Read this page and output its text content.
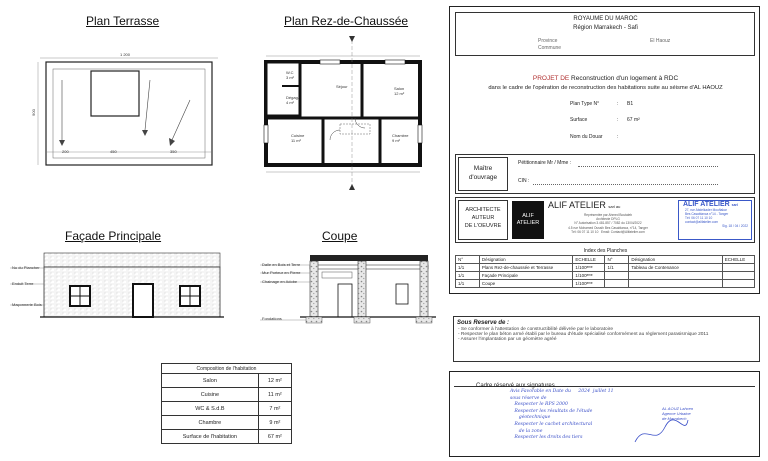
Plan Terrasse
1 200
900
200	450	350
Plan Rez-de-Chaussée
W.C
3 m²
Dégag.
4 m²
Séjour	Salon
12 m²
Cuisine
11 m²
Chambre
9 m²
Façade Principale
Nu du Plancher
Enduit Terre
Maçonnerie Bois
Coupe
Dalle en Bois et Terre
Mur Porteur en Pierre
Chainage en Adobe
Fondations
Composition de l'habitation	
Salon	12 m²
Cuisine	11 m²
WC & S.d.B	7 m²
Chambre	9 m²
Surface de l'habitation	67 m²
ROYAUME DU MAROC
Région Marrakech - Safi
Province	El Haouz
Commune
PROJET DE Reconstruction d'un logement à RDC
dans le cadre de l'opération de reconstruction des habitations suite au séisme d'AL HAOUZ
Plan Type N°	: B1
Surface	: 67 m²
Nom du Douar	:
Maître
d'ouvrage
Pétitionnaire Mr / Mme :
CIN :
ARCHITECTE
AUTEUR
DE L'OEUVRE
ALIF
ATELIER
ALIF ATELIER sarl au
Représentée par Ahmed Boutaleb
Architecte DPLG
N° Autorisation 3.481.857 / 7082 du 13/04/2022
4.5 rue Mohamed Oussih Bes Casablanca, n°14, Tanger
Tél: 06 07 11 10 10   Email: Contact@Alifatelier.com
ALIF ATELIER sarl
27, rue Abdelkader Mouftakar
Bes Casablanca n°14 - Tanger
Tél: 06 07 11 10 10
contact@alifatelier.com
Sig. 18 / 04 / 2022
Index des Planches
N°	Désignation	ECHELLE	N°	Désignation	ECHELLE
1/1	Plans Rez-de-chaussée et Terrasse	1/100ᵉᵐᵉ	1/1	Tableau de Contenance	
1/1	Façade Principale	1/100ᵉᵐᵉ			
1/1	Coupe	1/100ᵉᵐᵉ			
Sous Reserve de :
- Se conformer à l'attestation de constructibilité délivrée par le laboratoire
- Respecter le plan béton armé établi par le bureau d'étude spécialisé conformément au règlement parasismique 2011
- Assurer l'implantation par un géomètre agréé
Cadre réservé aux signatures
Avis Favorable en Date du     2024  juillet 11
sous réserve de
Respecter le RPS 2000
Respecter les résultats de l'étude
géotechnique
Respecter le cachet architectural
de la zone
Respecter les droits des tiers
AL AOUZ Lahcen
Agence Urbaine
de Marrakech
